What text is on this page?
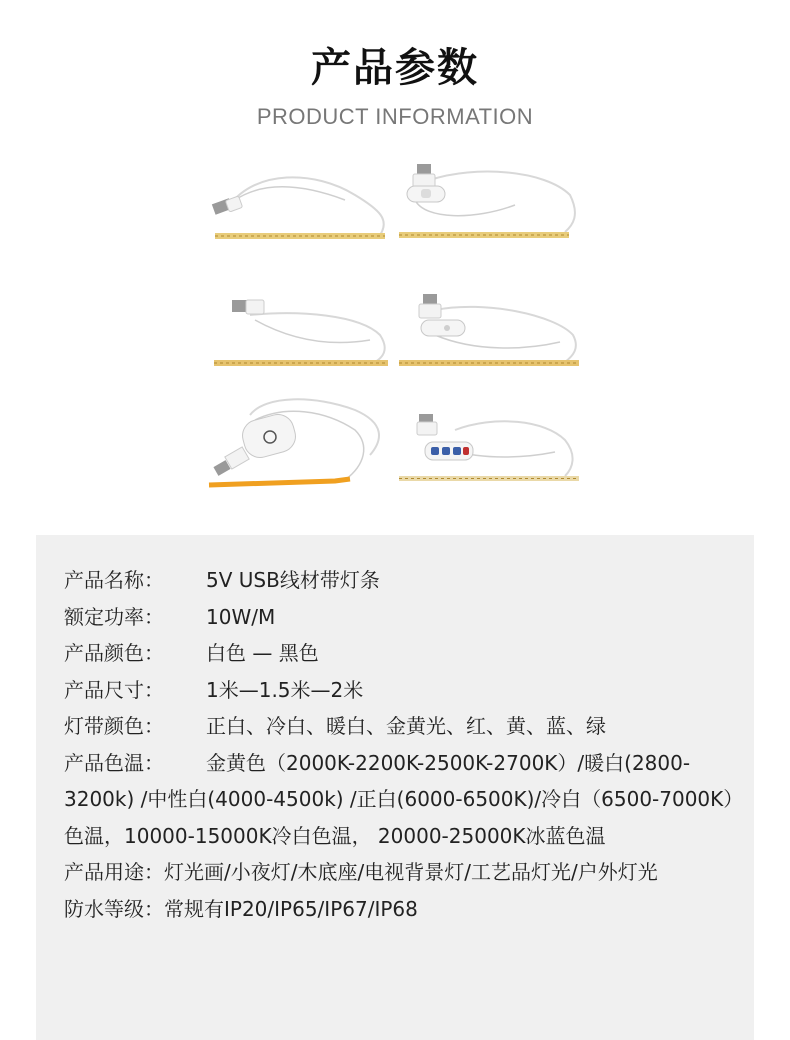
产品参数
PRODUCT INFORMATION
产品名称： 5V USB线材带灯条
额定功率： 10W/M
产品颜色： 白色 — 黑色
产品尺寸： 1米—1.5米—2米
灯带颜色： 正白、冷白、暖白、金黄光、红、黄、蓝、绿
产品色温： 金黄色（2000K-2200K-2500K-2700K）/暖白(2800-3200k) /中性白(4000-4500k) /正白(6000-6500K)/冷白（6500-7000K）色温，10000-15000K冷白色温， 20000-25000K冰蓝色温
产品用途：灯光画/小夜灯/木底座/电视背景灯/工艺品灯光/户外灯光
防水等级：常规有IP20/IP65/IP67/IP68
